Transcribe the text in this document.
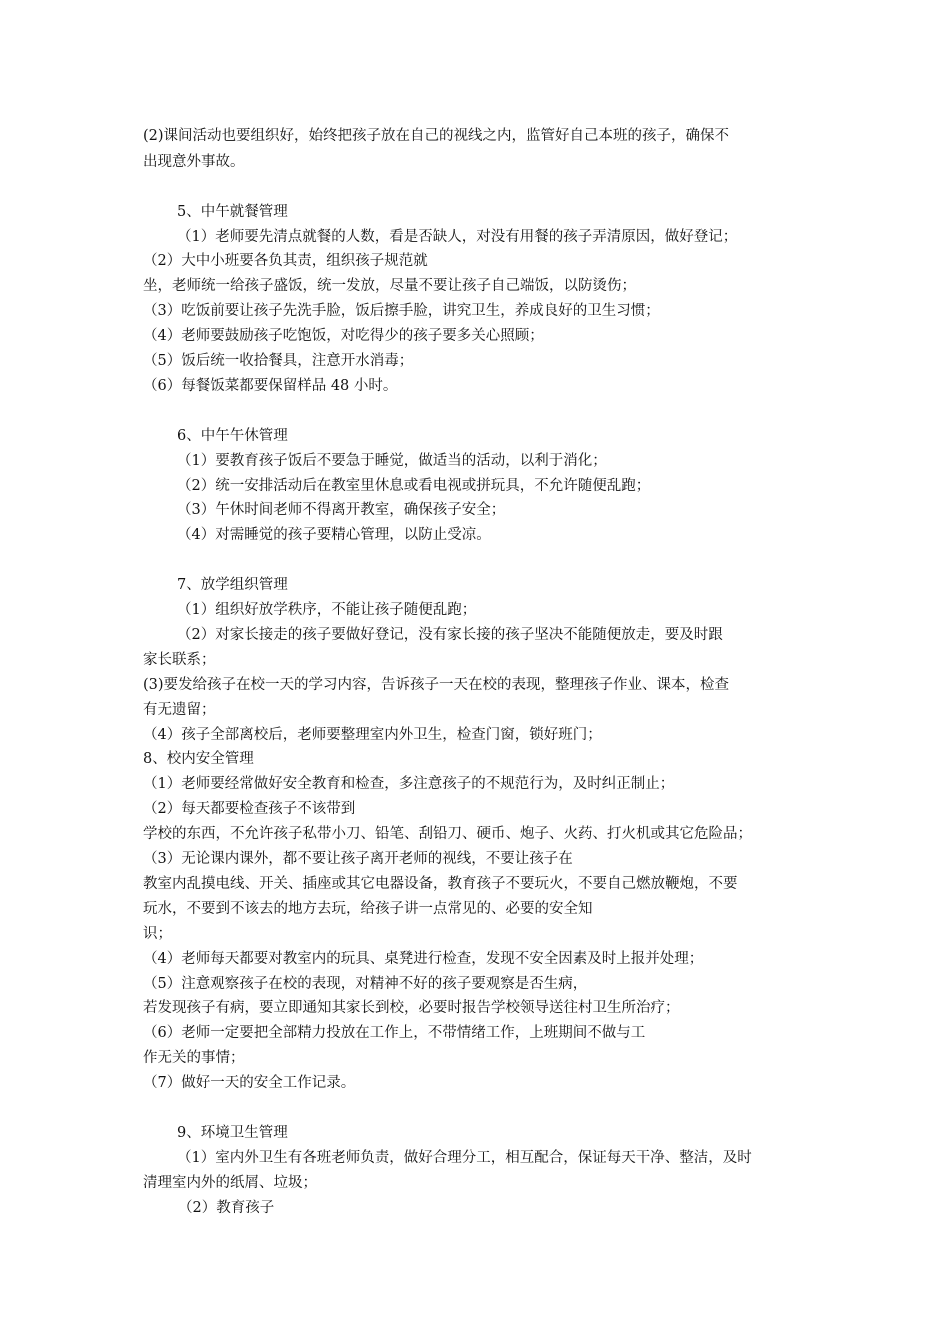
(2)课间活动也要组织好，始终把孩子放在自己的视线之内，监管好自己本班的孩子，确保不
出现意外事故。
5、中午就餐管理
（1）老师要先清点就餐的人数，看是否缺人，对没有用餐的孩子弄清原因，做好登记；
（2）大中小班要各负其责，组织孩子规范就
坐，老师统一给孩子盛饭，统一发放，尽量不要让孩子自己端饭，以防烫伤；
（3）吃饭前要让孩子先洗手脸，饭后擦手脸，讲究卫生，养成良好的卫生习惯；
（4）老师要鼓励孩子吃饱饭，对吃得少的孩子要多关心照顾；
（5）饭后统一收拾餐具，注意开水消毒；
（6）每餐饭菜都要保留样品 48 小时。
6、中午午休管理
（1）要教育孩子饭后不要急于睡觉，做适当的活动，以利于消化；
（2）统一安排活动后在教室里休息或看电视或拼玩具，不允许随便乱跑；
（3）午休时间老师不得离开教室，确保孩子安全；
（4）对需睡觉的孩子要精心管理，以防止受凉。
7、放学组织管理
（1）组织好放学秩序，不能让孩子随便乱跑；
（2）对家长接走的孩子要做好登记，没有家长接的孩子坚决不能随便放走，要及时跟
家长联系；
(3)要发给孩子在校一天的学习内容，告诉孩子一天在校的表现，整理孩子作业、课本，检查
有无遗留；
（4）孩子全部离校后，老师要整理室内外卫生，检查门窗，锁好班门；
8、校内安全管理
（1）老师要经常做好安全教育和检查，多注意孩子的不规范行为，及时纠正制止；
（2）每天都要检查孩子不该带到
学校的东西，不允许孩子私带小刀、铅笔、刮铅刀、硬币、炮子、火药、打火机或其它危险品；
（3）无论课内课外，都不要让孩子离开老师的视线，不要让孩子在
教室内乱摸电线、开关、插座或其它电器设备，教育孩子不要玩火，不要自己燃放鞭炮，不要
玩水，不要到不该去的地方去玩，给孩子讲一点常见的、必要的安全知
识；
（4）老师每天都要对教室内的玩具、桌凳进行检查，发现不安全因素及时上报并处理；
（5）注意观察孩子在校的表现，对精神不好的孩子要观察是否生病，
若发现孩子有病，要立即通知其家长到校，必要时报告学校领导送往村卫生所治疗；
（6）老师一定要把全部精力投放在工作上，不带情绪工作，上班期间不做与工
作无关的事情；
（7）做好一天的安全工作记录。
9、环境卫生管理
（1）室内外卫生有各班老师负责，做好合理分工，相互配合，保证每天干净、整洁，及时
清理室内外的纸屑、垃圾；
（2）教育孩子
